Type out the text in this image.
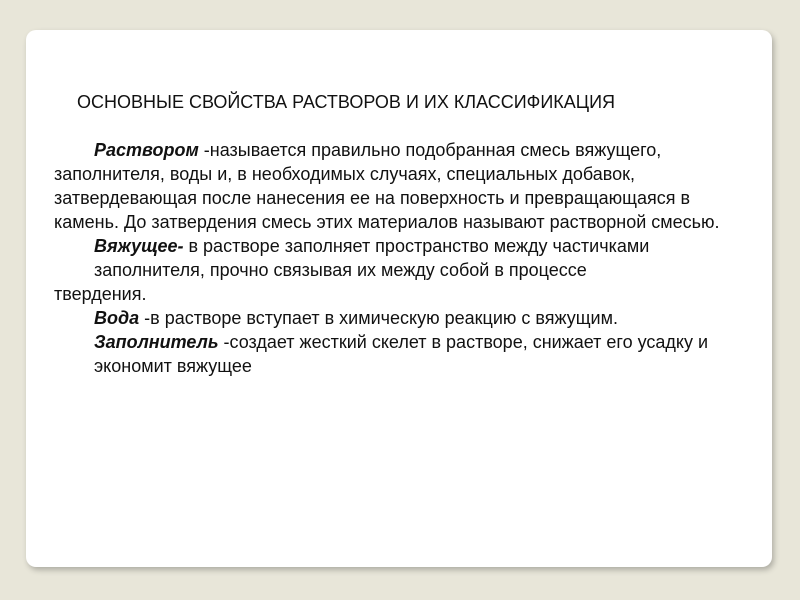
ОСНОВНЫЕ СВОЙСТВА РАСТВОРОВ И ИХ КЛАССИФИКАЦИЯ

Раствором -называется правильно подобранная смесь вяжущего, заполнителя, воды и, в необходимых случаях, специальных добавок, затвердевающая после нанесения ее на поверхность и превращающаяся в камень. До затвердения смесь этих материалов называют растворной смесью.

Вяжущее- в растворе заполняет пространство между частичками заполнителя, прочно связывая их между собой в процессе
твердения.

Вода -в растворе вступает в химическую реакцию с вяжущим.

Заполнитель -создает жесткий скелет в растворе, снижает его усадку и экономит вяжущее
